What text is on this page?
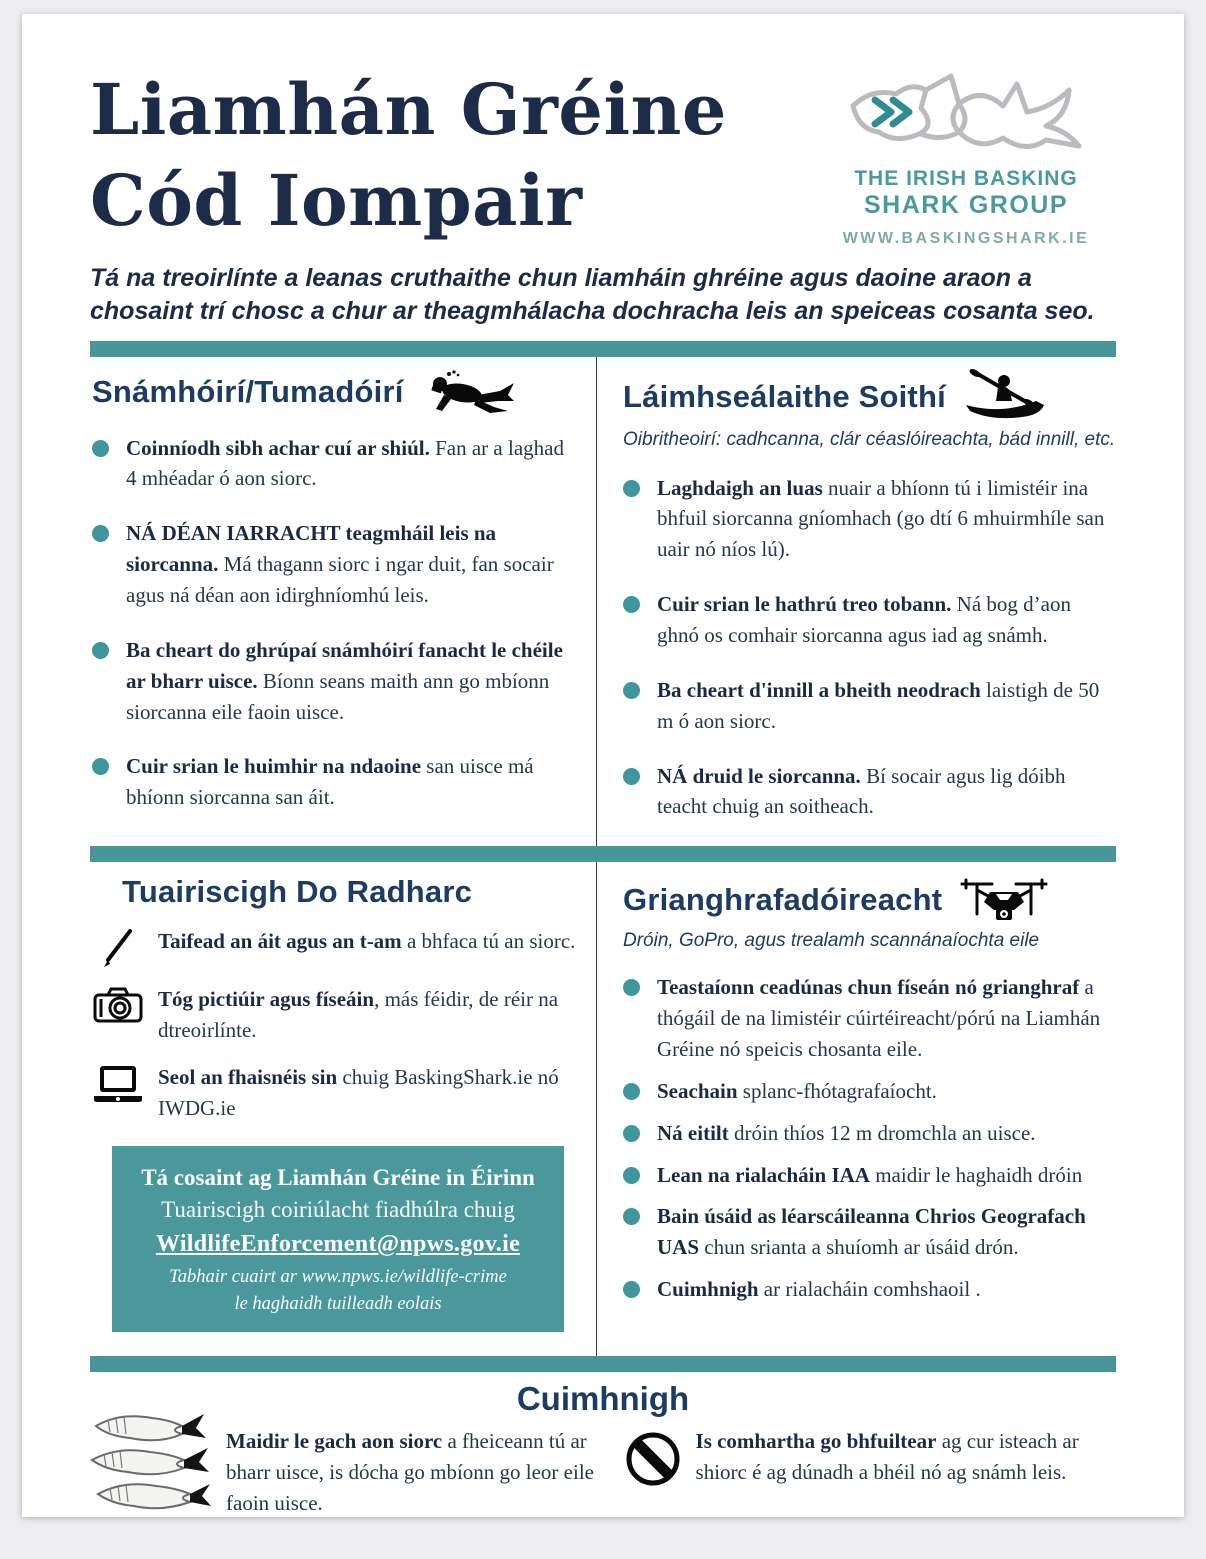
Liamhán Gréine
Cód Iompair	THE IRISH BASKING
SHARK GROUP
WWW.BASKINGSHARK.IE

Tá na treoirlínte a leanas cruthaithe chun liamháin ghréine agus daoine araon a chosaint trí chosc a chur ar theagmhálacha dochracha leis an speiceas cosanta seo.

Snámhóirí/Tumadóirí
Coinníodh sibh achar cuí ar shiúl. Fan ar a laghad 4 mhéadar ó aon siorc.
NÁ DÉAN IARRACHT teagmháil leis na siorcanna. Má thagann siorc i ngar duit, fan socair agus ná déan aon idirghníomhú leis.
Ba cheart do ghrúpaí snámhóirí fanacht le chéile ar bharr uisce. Bíonn seans maith ann go mbíonn siorcanna eile faoin uisce.
Cuir srian le huimhir na ndaoine san uisce má bhíonn siorcanna san áit.
Láimhseálaithe Soithí

Oibritheoirí: cadhcanna, clár céaslóireachta, bád innill, etc.

Laghdaigh an luas nuair a bhíonn tú i limistéir ina bhfuil siorcanna gníomhach (go dtí 6 mhuirmhíle san uair nó níos lú).
Cuir srian le hathrú treo tobann. Ná bog d’aon ghnó os comhair siorcanna agus iad ag snámh.
Ba cheart d'innill a bheith neodrach laistigh de 50 m ó aon siorc.
NÁ druid le siorcanna. Bí socair agus lig dóibh teacht chuig an soitheach.
Tuairiscigh Do Radharc
Taifead an áit agus an t-am a bhfaca tú an siorc.
Tóg pictiúir agus físeáin, más féidir, de réir na dtreoirlínte.
Seol an fhaisnéis sin chuig BaskingShark.ie nó IWDG.ie
Tá cosaint ag Liamhán Gréine in Éirinn
Tuairiscigh coiriúlacht fiadhúlra chuig
WildlifeEnforcement@npws.gov.ie
Tabhair cuairt ar www.npws.ie/wildlife-crime
le haghaidh tuilleadh eolais
Grianghrafadóireacht

Dróin, GoPro, agus trealamh scannánaíochta eile

Teastaíonn ceadúnas chun físeán nó grianghraf a thógáil de na limistéir cúirtéireacht/pórú na Liamhán Gréine nó speicis chosanta eile.
Seachain splanc-fhótagrafaíocht.
Ná eitilt dróin thíos 12 m dromchla an uisce.
Lean na rialacháin IAA maidir le haghaidh dróin
Bain úsáid as léarscáileanna Chrios Geografach UAS chun srianta a shuíomh ar úsáid drón.
Cuimhnigh ar rialacháin comhshaoil .
Cuimhnigh
Maidir le gach aon siorc a fheiceann tú ar bharr uisce, is dócha go mbíonn go leor eile faoin uisce.
Is comhartha go bhfuiltear ag cur isteach ar shiorc é ag dúnadh a bhéil nó ag snámh leis.
